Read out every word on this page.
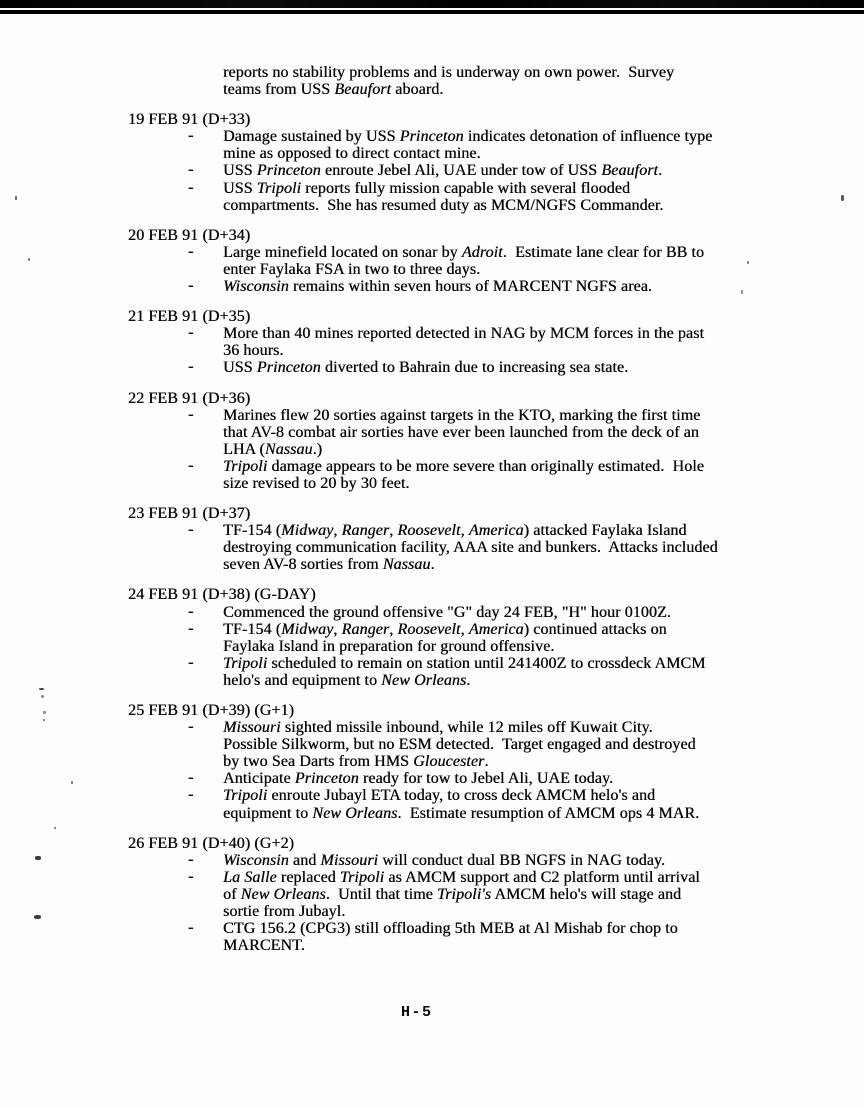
reports no stability problems and is underway on own power.  Survey
teams from USS Beaufort aboard.
19 FEB 91 (D+33)
- Damage sustained by USS Princeton indicates detonation of influence type
mine as opposed to direct contact mine.
- USS Princeton enroute Jebel Ali, UAE under tow of USS Beaufort.
- USS Tripoli reports fully mission capable with several flooded
compartments.  She has resumed duty as MCM/NGFS Commander.
20 FEB 91 (D+34)
- Large minefield located on sonar by Adroit.  Estimate lane clear for BB to
enter Faylaka FSA in two to three days.
- Wisconsin remains within seven hours of MARCENT NGFS area.
21 FEB 91 (D+35)
- More than 40 mines reported detected in NAG by MCM forces in the past
36 hours.
- USS Princeton diverted to Bahrain due to increasing sea state.
22 FEB 91 (D+36)
- Marines flew 20 sorties against targets in the KTO, marking the first time
that AV-8 combat air sorties have ever been launched from the deck of an
LHA (Nassau.)
- Tripoli damage appears to be more severe than originally estimated.  Hole
size revised to 20 by 30 feet.
23 FEB 91 (D+37)
- TF-154 (Midway, Ranger, Roosevelt, America) attacked Faylaka Island
destroying communication facility, AAA site and bunkers.  Attacks included
seven AV-8 sorties from Nassau.
24 FEB 91 (D+38) (G-DAY)
- Commenced the ground offensive "G" day 24 FEB, "H" hour 0100Z.
- TF-154 (Midway, Ranger, Roosevelt, America) continued attacks on
Faylaka Island in preparation for ground offensive.
- Tripoli scheduled to remain on station until 241400Z to crossdeck AMCM
helo's and equipment to New Orleans.
25 FEB 91 (D+39) (G+1)
- Missouri sighted missile inbound, while 12 miles off Kuwait City.
Possible Silkworm, but no ESM detected.  Target engaged and destroyed
by two Sea Darts from HMS Gloucester.
- Anticipate Princeton ready for tow to Jebel Ali, UAE today.
- Tripoli enroute Jubayl ETA today, to cross deck AMCM helo's and
equipment to New Orleans.  Estimate resumption of AMCM ops 4 MAR.
26 FEB 91 (D+40) (G+2)
- Wisconsin and Missouri will conduct dual BB NGFS in NAG today.
- La Salle replaced Tripoli as AMCM support and C2 platform until arrival
of New Orleans.  Until that time Tripoli's AMCM helo's will stage and
sortie from Jubayl.
- CTG 156.2 (CPG3) still offloading 5th MEB at Al Mishab for chop to
MARCENT.
H-5
